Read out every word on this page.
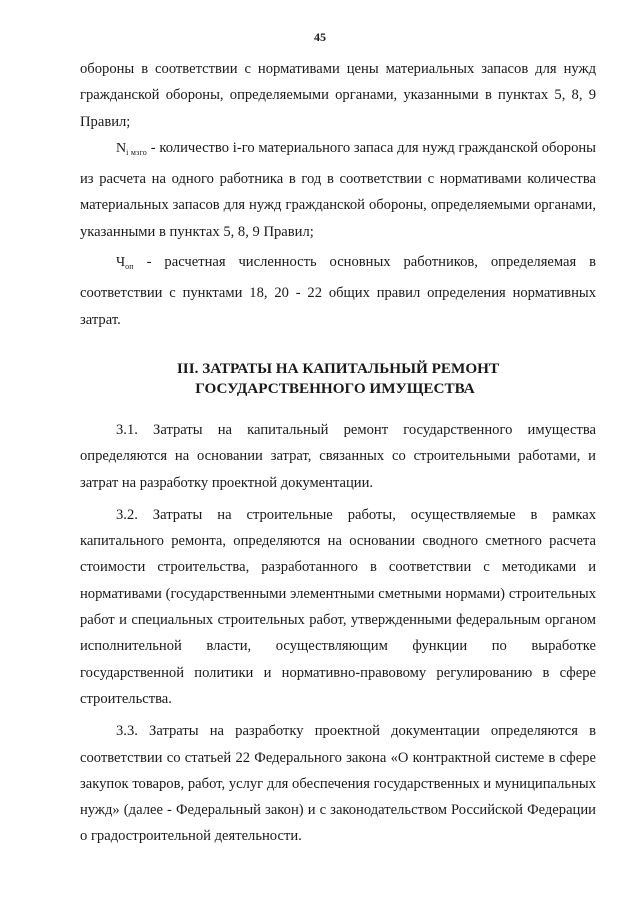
45

обороны в соответствии с нормативами цены материальных запасов для нужд гражданской обороны, определяемыми органами, указанными в пунктах 5, 8, 9 Правил;

$N_{i мзго}$ - количество i-го материального запаса для нужд гражданской обороны из расчета на одного работника в год в соответствии с нормативами количества материальных запасов для нужд гражданской обороны, определяемыми органами, указанными в пунктах 5, 8, 9 Правил;

$Ч_{оп}$ - расчетная численность основных работников, определяемая в соответствии с пунктами 18, 20 - 22 общих правил определения нормативных затрат.

III. ЗАТРАТЫ НА КАПИТАЛЬНЫЙ РЕМОНТ
ГОСУДАРСТВЕННОГО ИМУЩЕСТВА

3.1. Затраты на капитальный ремонт государственного имущества определяются на основании затрат, связанных со строительными работами, и затрат на разработку проектной документации.

3.2. Затраты на строительные работы, осуществляемые в рамках капитального ремонта, определяются на основании сводного сметного расчета стоимости строительства, разработанного в соответствии с методиками и нормативами (государственными элементными сметными нормами) строительных работ и специальных строительных работ, утвержденными федеральным органом исполнительной власти, осуществляющим функции по выработке государственной политики и нормативно-правовому регулированию в сфере строительства.

3.3. Затраты на разработку проектной документации определяются в соответствии со статьей 22 Федерального закона «О контрактной системе в сфере закупок товаров, работ, услуг для обеспечения государственных и муниципальных нужд» (далее - Федеральный закон) и с законодательством Российской Федерации о градостроительной деятельности.
